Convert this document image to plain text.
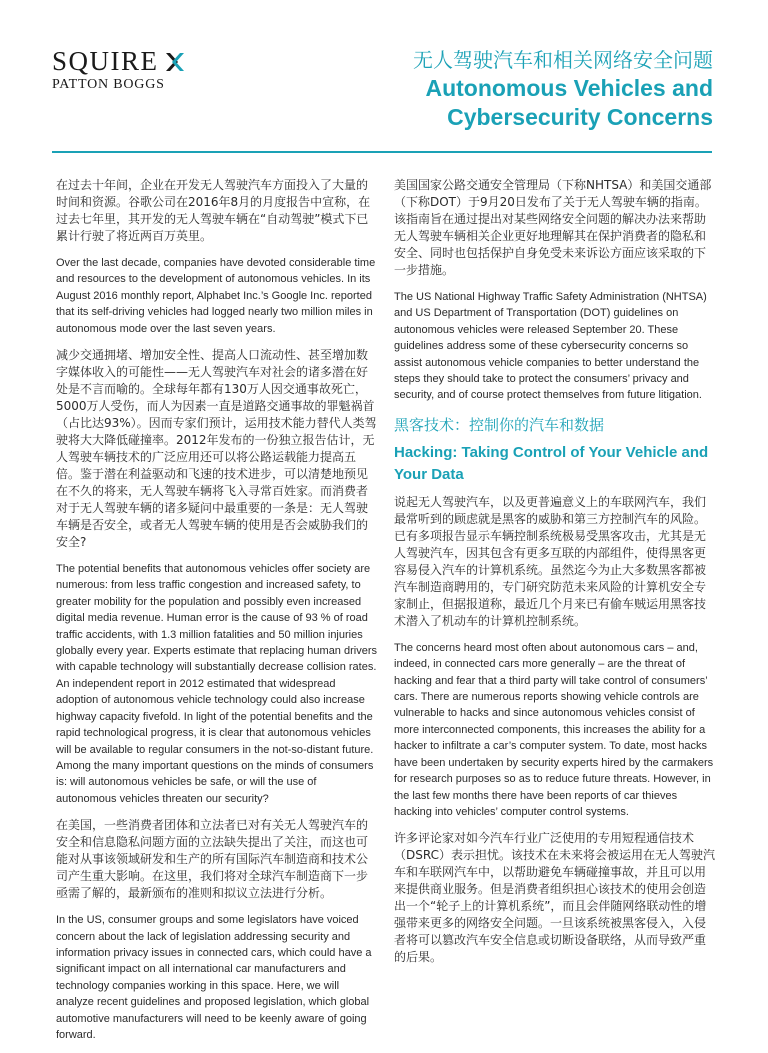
SQUIRE
PATTON BOGGS
无人驾驶汽车和相关网络安全问题
Autonomous Vehicles and
Cybersecurity Concerns

在过去十年间，企业在开发无人驾驶汽车方面投入了大量的时间和资源。谷歌公司在2016年8月的月度报告中宣称，在过去七年里，其开发的无人驾驶车辆在“自动驾驶”模式下已累计行驶了将近两百万英里。

Over the last decade, companies have devoted considerable time and resources to the development of autonomous vehicles. In its August 2016 monthly report, Alphabet Inc.’s Google Inc. reported that its self-driving vehicles had logged nearly two million miles in autonomous mode over the last seven years.

减少交通拥堵、增加安全性、提高人口流动性、甚至增加数字媒体收入的可能性——无人驾驶汽车对社会的诸多潜在好处是不言而喻的。全球每年都有130万人因交通事故死亡，5000万人受伤，而人为因素一直是道路交通事故的罪魁祸首（占比达93%）。因而专家们预计，运用技术能力替代人类驾驶将大大降低碰撞率。2012年发布的一份独立报告估计，无人驾驶车辆技术的广泛应用还可以将公路运载能力提高五倍。鉴于潜在利益驱动和飞速的技术进步，可以清楚地预见在不久的将来，无人驾驶车辆将飞入寻常百姓家。而消费者对于无人驾驶车辆的诸多疑问中最重要的一条是：无人驾驶车辆是否安全，或者无人驾驶车辆的使用是否会威胁我们的安全?

The potential benefits that autonomous vehicles offer society are numerous: from less traffic congestion and increased safety, to greater mobility for the population and possibly even increased digital media revenue. Human error is the cause of 93 % of road traffic accidents, with 1.3 million fatalities and 50 million injuries globally every year. Experts estimate that replacing human drivers with capable technology will substantially decrease collision rates. An independent report in 2012 estimated that widespread adoption of autonomous vehicle technology could also increase highway capacity fivefold. In light of the potential benefits and the rapid technological progress, it is clear that autonomous vehicles will be available to regular consumers in the not-so-distant future. Among the many important questions on the minds of consumers is: will autonomous vehicles be safe, or will the use of autonomous vehicles threaten our security?

在美国，一些消费者团体和立法者已对有关无人驾驶汽车的安全和信息隐私问题方面的立法缺失提出了关注，而这也可能对从事该领域研发和生产的所有国际汽车制造商和技术公司产生重大影响。在这里，我们将对全球汽车制造商下一步亟需了解的，最新颁布的准则和拟议立法进行分析。

In the US, consumer groups and some legislators have voiced concern about the lack of legislation addressing security and information privacy issues in connected cars, which could have a significant impact on all international car manufacturers and technology companies working in this space. Here, we will analyze recent guidelines and proposed legislation, which global automotive manufacturers will need to be keenly aware of going forward.

美国国家公路交通安全管理局（下称NHTSA）和美国交通部（下称DOT）于9月20日发布了关于无人驾驶车辆的指南。该指南旨在通过提出对某些网络安全问题的解决办法来帮助无人驾驶车辆相关企业更好地理解其在保护消费者的隐私和安全、同时也包括保护自身免受未来诉讼方面应该采取的下一步措施。

The US National Highway Traffic Safety Administration (NHTSA) and US Department of Transportation (DOT) guidelines on autonomous vehicles were released September 20. These guidelines address some of these cybersecurity concerns so assist autonomous vehicle companies to better understand the steps they should take to protect the consumers’ privacy and security, and of course protect themselves from future litigation.

黑客技术：控制你的汽车和数据
Hacking: Taking Control of Your Vehicle and Your Data

说起无人驾驶汽车，以及更普遍意义上的车联网汽车，我们最常听到的顾虑就是黑客的威胁和第三方控制汽车的风险。已有多项报告显示车辆控制系统极易受黑客攻击，尤其是无人驾驶汽车，因其包含有更多互联的内部组件，使得黑客更容易侵入汽车的计算机系统。虽然迄今为止大多数黑客都被汽车制造商聘用的，专门研究防范未来风险的计算机安全专家制止，但据报道称，最近几个月来已有偷车贼运用黑客技术潜入了机动车的计算机控制系统。

The concerns heard most often about autonomous cars – and, indeed, in connected cars more generally – are the threat of hacking and fear that a third party will take control of consumers’ cars. There are numerous reports showing vehicle controls are vulnerable to hacks and since autonomous vehicles consist of more interconnected components, this increases the ability for a hacker to infiltrate a car’s computer system. To date, most hacks have been undertaken by security experts hired by the carmakers for research purposes so as to reduce future threats. However, in the last few months there have been reports of car thieves hacking into vehicles’ computer control systems.

许多评论家对如今汽车行业广泛使用的专用短程通信技术（DSRC）表示担忧。该技术在未来将会被运用在无人驾驶汽车和车联网汽车中，以帮助避免车辆碰撞事故，并且可以用来提供商业服务。但是消费者组织担心该技术的使用会创造出一个“轮子上的计算机系统”，而且会伴随网络联动性的增强带来更多的网络安全问题。一旦该系统被黑客侵入，入侵者将可以篡改汽车安全信息或切断设备联络，从而导致严重的后果。
